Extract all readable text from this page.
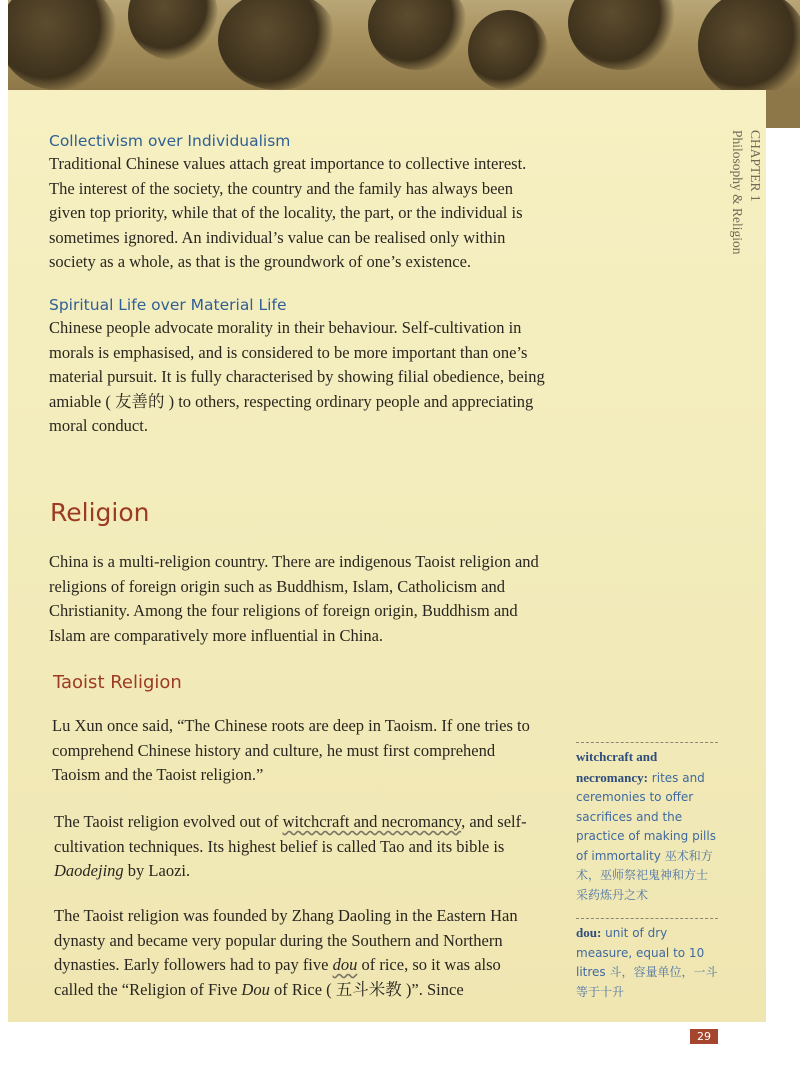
CHAPTER 1
Philosophy & Religion
Collectivism over Individualism

Traditional Chinese values attach great importance to collective interest. The interest of the society, the country and the family has always been given top priority, while that of the locality, the part, or the individual is sometimes ignored. An individual’s value can be realised only within society as a whole, as that is the groundwork of one’s existence.

Spiritual Life over Material Life

Chinese people advocate morality in their behaviour. Self-cultivation in morals is emphasised, and is considered to be more important than one’s material pursuit. It is fully characterised by showing filial obedience, being amiable ( 友善的 ) to others, respecting ordinary people and appreciating moral conduct.

Religion

China is a multi-religion country. There are indigenous Taoist religion and religions of foreign origin such as Buddhism, Islam, Catholicism and Christianity. Among the four religions of foreign origin, Buddhism and Islam are comparatively more influential in China.

Taoist Religion

Lu Xun once said, “The Chinese roots are deep in Taoism. If one tries to comprehend Chinese history and culture, he must first comprehend Taoism and the Taoist religion.”

The Taoist religion evolved out of witchcraft and necromancy, and self-cultivation techniques. Its highest belief is called Tao and its bible is Daodejing by Laozi.

The Taoist religion was founded by Zhang Daoling in the Eastern Han dynasty and became very popular during the Southern and Northern dynasties. Early followers had to pay five dou of rice, so it was also called the “Religion of Five Dou of Rice ( 五斗米教 )”. Since

witchcraft and necromancy: rites and ceremonies to offer sacrifices and the practice of making pills of immortality 巫术和方术，巫师祭祀鬼神和方士采药炼丹之术
dou: unit of dry measure, equal to 10 litres 斗，容量单位，一斗等于十升
29
